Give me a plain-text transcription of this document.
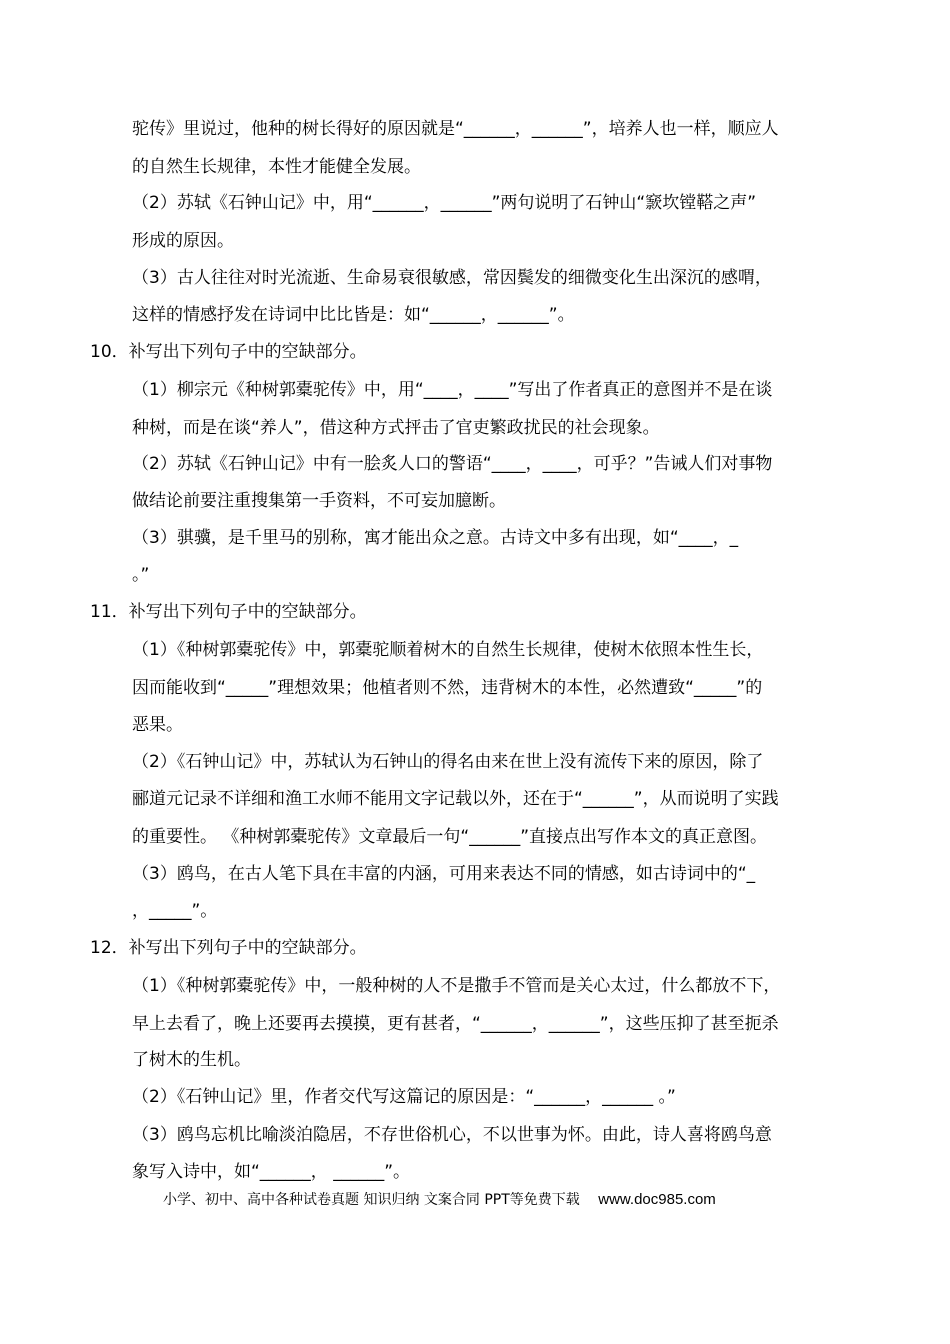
驼传》里说过，他种的树长得好的原因就是“______，______”，培养人也一样，顺应人
的自然生长规律，本性才能健全发展。
（2）苏轼《石钟山记》中，用“______，______”两句说明了石钟山“窾坎镗鞳之声”
形成的原因。
（3）古人往往对时光流逝、生命易衰很敏感，常因鬓发的细微变化生出深沉的感喟，
这样的情感抒发在诗词中比比皆是：如“______，______”。
10．补写出下列句子中的空缺部分。
（1）柳宗元《种树郭橐驼传》中，用“____，____”写出了作者真正的意图并不是在谈
种树，而是在谈“养人”，借这种方式抨击了官吏繁政扰民的社会现象。
（2）苏轼《石钟山记》中有一脍炙人口的警语“____，____，可乎？”告诫人们对事物
做结论前要注重搜集第一手资料，不可妄加臆断。
（3）骐骥，是千里马的别称，寓才能出众之意。古诗文中多有出现，如“____，_
。”
11．补写出下列句子中的空缺部分。
（1）《种树郭橐驼传》中，郭橐驼顺着树木的自然生长规律，使树木依照本性生长，
因而能收到“_____”理想效果；他植者则不然，违背树木的本性，必然遭致“_____”的
恶果。
（2）《石钟山记》中，苏轼认为石钟山的得名由来在世上没有流传下来的原因，除了
郦道元记录不详细和渔工水师不能用文字记载以外，还在于“______”，从而说明了实践
的重要性。 《种树郭橐驼传》文章最后一句“______”直接点出写作本文的真正意图。
（3）鸥鸟，在古人笔下具在丰富的内涵，可用来表达不同的情感，如古诗词中的“_
，_____”。
12．补写出下列句子中的空缺部分。
（1）《种树郭橐驼传》中，一般种树的人不是撒手不管而是关心太过，什么都放不下，
早上去看了，晚上还要再去摸摸，更有甚者，“______，______”，这些压抑了甚至扼杀
了树木的生机。
（2）《石钟山记》里，作者交代写这篇记的原因是：“______，______ 。”
（3）鸥鸟忘机比喻淡泊隐居，不存世俗机心，不以世事为怀。由此，诗人喜将鸥鸟意
象写入诗中，如“______， ______”。
小学、初中、高中各种试卷真题 知识归纳 文案合同 PPT等免费下载 www.doc985.com
